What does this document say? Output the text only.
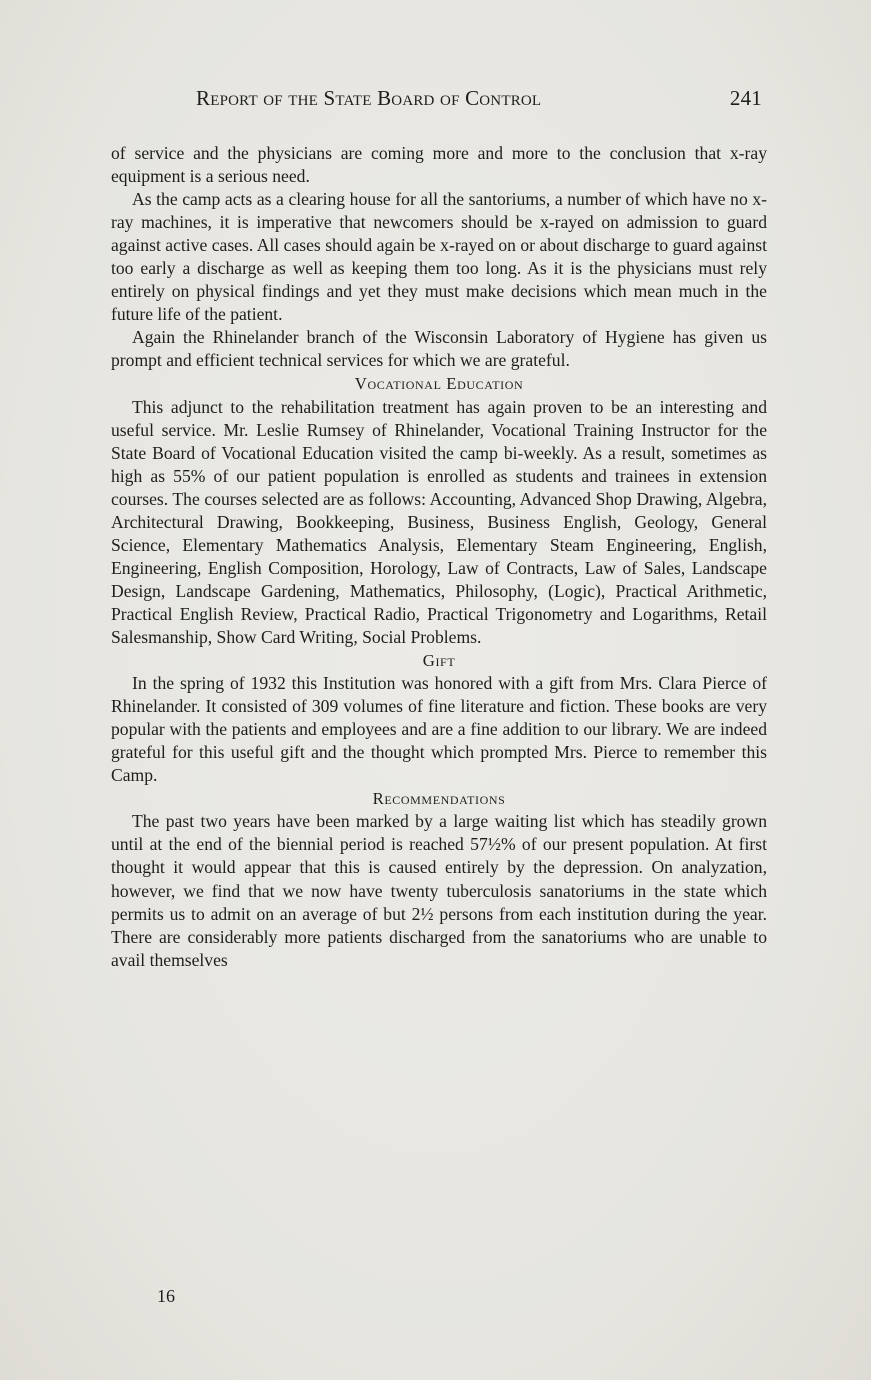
Report of the State Board of Control	241

of service and the physicians are coming more and more to the conclusion that x-ray equipment is a serious need.

As the camp acts as a clearing house for all the santoriums, a number of which have no x-ray machines, it is imperative that newcomers should be x-rayed on admission to guard against active cases. All cases should again be x-rayed on or about discharge to guard against too early a discharge as well as keeping them too long. As it is the physicians must rely entirely on physical findings and yet they must make decisions which mean much in the future life of the patient.

Again the Rhinelander branch of the Wisconsin Laboratory of Hygiene has given us prompt and efficient technical services for which we are grateful.

Vocational Education

This adjunct to the rehabilitation treatment has again proven to be an interesting and useful service. Mr. Leslie Rumsey of Rhinelander, Vocational Training Instructor for the State Board of Vocational Education visited the camp bi-weekly. As a result, sometimes as high as 55% of our patient population is enrolled as students and trainees in extension courses. The courses selected are as follows: Accounting, Advanced Shop Drawing, Algebra, Architectural Drawing, Bookkeeping, Business, Business English, Geology, General Science, Elementary Mathematics Analysis, Elementary Steam Engineering, English, Engineering, English Composition, Horology, Law of Contracts, Law of Sales, Landscape Design, Landscape Gardening, Mathematics, Philosophy, (Logic), Practical Arithmetic, Practical English Review, Practical Radio, Practical Trigonometry and Logarithms, Retail Salesmanship, Show Card Writing, Social Problems.

Gift

In the spring of 1932 this Institution was honored with a gift from Mrs. Clara Pierce of Rhinelander. It consisted of 309 volumes of fine literature and fiction. These books are very popular with the patients and employees and are a fine addition to our library. We are indeed grateful for this useful gift and the thought which prompted Mrs. Pierce to remember this Camp.

Recommendations

The past two years have been marked by a large waiting list which has steadily grown until at the end of the biennial period is reached 57½% of our present population. At first thought it would appear that this is caused entirely by the depression. On analyzation, however, we find that we now have twenty tuberculosis sanatoriums in the state which permits us to admit on an average of but 2½ persons from each institution during the year. There are considerably more patients discharged from the sanatoriums who are unable to avail themselves

16
